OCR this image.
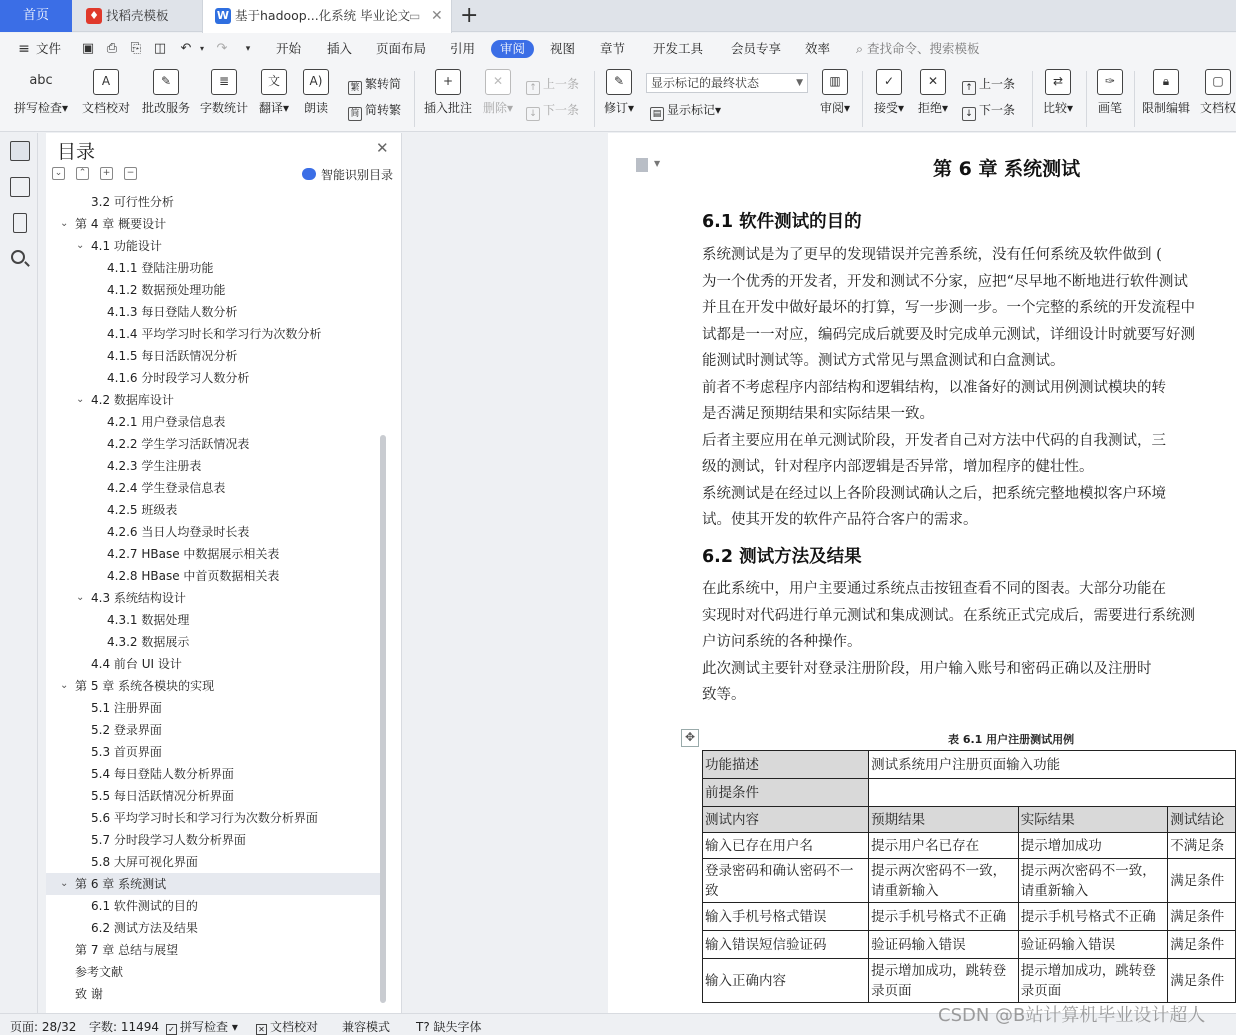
首页	♦ 找稻壳模板	W 基于hadoop...化系统 毕业论文
▭ ✕ +
≡ 文件 ▣ ⎙ ⎘ ◫ ↶	▾ ↷	▾	开始 插入 页面布局 引用	审阅	视图 章节 开发工具 会员专享 效率 ⌕ 查找命令、搜索模板
abc
拼写检查▾
A
文档校对
✎
批改服务
≣
字数统计
文
翻译▾
A)
朗读
繁 繁转简
简 简转繁
+
插入批注
✕
删除▾
↑ 上一条
↓ 下一条
✎
修订▾
显示标记的最终状态	▼
▤ 显示标记▾
▥
审阅▾
✓
接受▾
✕
拒绝▾
↑ 上一条
↓ 下一条
⇄
比较▾
✑
画笔
🔒︎
限制编辑
▢
文档权
目录	✕
⌄	⌃	+	−	智能识别目录
3.2 可行性分析
⌄ 第 4 章 概要设计
⌄ 4.1 功能设计
4.1.1 登陆注册功能
4.1.2 数据预处理功能
4.1.3 每日登陆人数分析
4.1.4 平均学习时长和学习行为次数分析
4.1.5 每日活跃情况分析
4.1.6 分时段学习人数分析
⌄ 4.2 数据库设计
4.2.1 用户登录信息表
4.2.2 学生学习活跃情况表
4.2.3 学生注册表
4.2.4 学生登录信息表
4.2.5 班级表
4.2.6 当日人均登录时长表
4.2.7 HBase 中数据展示相关表
4.2.8 HBase 中首页数据相关表
⌄ 4.3 系统结构设计
4.3.1 数据处理
4.3.2 数据展示
4.4 前台 UI 设计
⌄ 第 5 章 系统各模块的实现
5.1 注册界面
5.2 登录界面
5.3 首页界面
5.4 每日登陆人数分析界面
5.5 每日活跃情况分析界面
5.6 平均学习时长和学习行为次数分析界面
5.7 分时段学习人数分析界面
5.8 大屏可视化界面
⌄ 第 6 章 系统测试
6.1 软件测试的目的
6.2 测试方法及结果
第 7 章 总结与展望
参考文献
致 谢
▼	第 6 章 系统测试
6.1 软件测试的目的
系统测试是为了更早的发现错误并完善系统，没有任何系统及软件做到 (
为一个优秀的开发者，开发和测试不分家，应把“尽早地不断地进行软件测试
并且在开发中做好最坏的打算，写一步测一步。一个完整的系统的开发流程中
试都是一一对应，编码完成后就要及时完成单元测试，详细设计时就要写好测
能测试时测试等。测试方式常见与黑盒测试和白盒测试。
前者不考虑程序内部结构和逻辑结构，以准备好的测试用例测试模块的转
是否满足预期结果和实际结果一致。
后者主要应用在单元测试阶段，开发者自己对方法中代码的自我测试，三
级的测试，针对程序内部逻辑是否异常，增加程序的健壮性。
系统测试是在经过以上各阶段测试确认之后，把系统完整地模拟客户环境
试。使其开发的软件产品符合客户的需求。
6.2 测试方法及结果
在此系统中，用户主要通过系统点击按钮查看不同的图表。大部分功能在
实现时对代码进行单元测试和集成测试。在系统正式完成后，需要进行系统测
户访问系统的各种操作。
此次测试主要针对登录注册阶段，用户输入账号和密码正确以及注册时
致等。
✥	表 6.1 用户注册测试用例
功能描述	测试系统用户注册页面输入功能		
前提条件			
测试内容	预期结果	实际结果	测试结论
输入已存在用户名	提示用户名已存在	提示增加成功	不满足条
登录密码和确认密码不一致	提示两次密码不一致，请重新输入	提示两次密码不一致，请重新输入	满足条件
输入手机号格式错误	提示手机号格式不正确	提示手机号格式不正确	满足条件
输入错误短信验证码	验证码输入错误	验证码输入错误	满足条件
输入正确内容	提示增加成功，跳转登录页面	提示增加成功，跳转登录页面	满足条件
页面: 28/32 字数: 11494 ✓ 拼写检查 ▾	✕ 文档校对 兼容模式 T? 缺失字体
CSDN @B站计算机毕业设计超人
